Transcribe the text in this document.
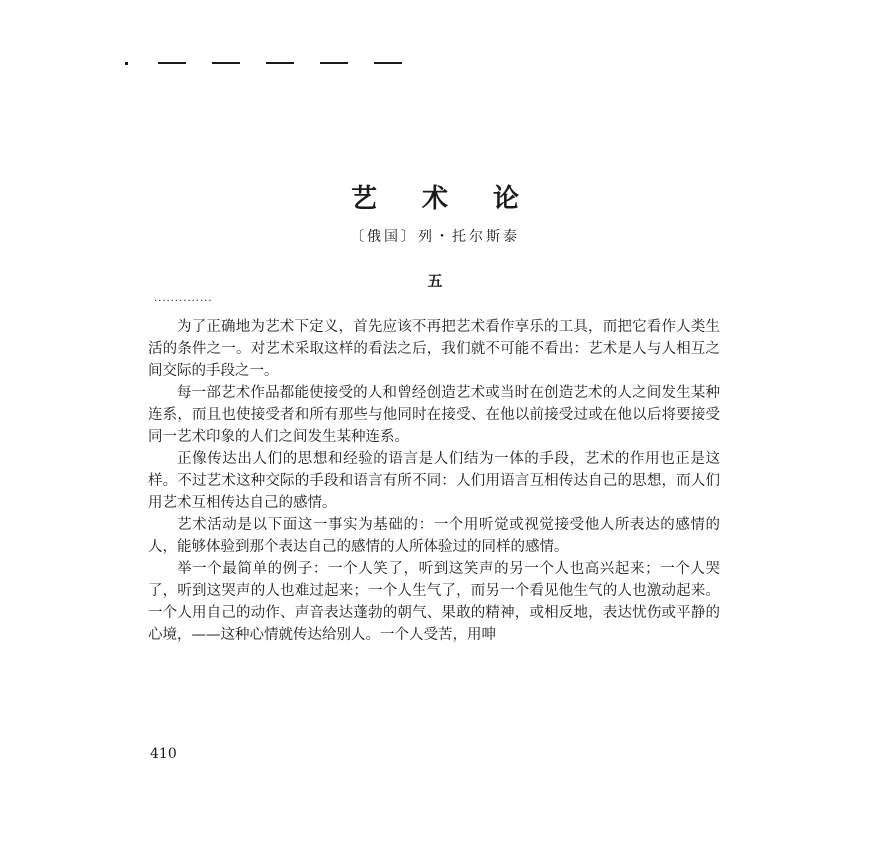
艺 术 论
〔俄国〕列・托尔斯泰
五
··············

为了正确地为艺术下定义，首先应该不再把艺术看作享乐的工具，而把它看作人类生活的条件之一。对艺术采取这样的看法之后，我们就不可能不看出：艺术是人与人相互之间交际的手段之一。

每一部艺术作品都能使接受的人和曾经创造艺术或当时在创造艺术的人之间发生某种连系，而且也使接受者和所有那些与他同时在接受、在他以前接受过或在他以后将要接受同一艺术印象的人们之间发生某种连系。

正像传达出人们的思想和经验的语言是人们结为一体的手段，艺术的作用也正是这样。不过艺术这种交际的手段和语言有所不同：人们用语言互相传达自己的思想，而人们用艺术互相传达自己的感情。

艺术活动是以下面这一事实为基础的：一个用听觉或视觉接受他人所表达的感情的人，能够体验到那个表达自己的感情的人所体验过的同样的感情。

举一个最简单的例子：一个人笑了，听到这笑声的另一个人也高兴起来；一个人哭了，听到这哭声的人也难过起来；一个人生气了，而另一个看见他生气的人也激动起来。一个人用自己的动作、声音表达蓬勃的朝气、果敢的精神，或相反地，表达忧伤或平静的心境，——这种心情就传达给别人。一个人受苦，用呻

410
